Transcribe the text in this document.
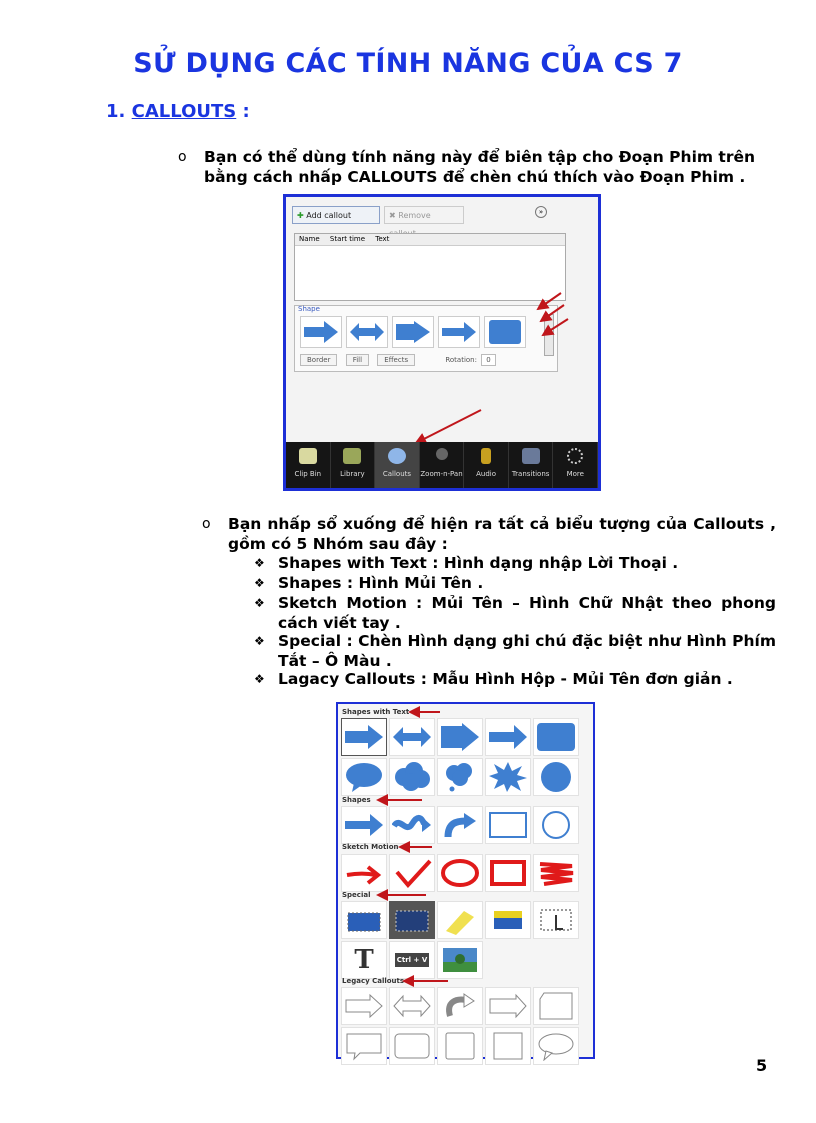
SỬ DỤNG CÁC TÍNH NĂNG CỦA CS 7
1. CALLOUTS :
o Bạn có thể dùng tính năng này để biên tập cho Đoạn Phim trên bằng cách nhấp CALLOUTS để chèn chú thích vào Đoạn Phim .
✚ Add callout	✖ Remove	»
Name Start time Text
Shape
Border	Fill	Effects	Rotation: 0
Clip Bin	Library	Callouts	Zoom-n-Pan	Audio	Transitions	More
o Bạn nhấp sổ xuống để hiện ra tất cả biểu tượng của Callouts , gồm có 5 Nhóm sau đây :
❖ Shapes with Text : Hình dạng nhập Lời Thoại .
❖ Shapes : Hình Mủi Tên .
❖ Sketch Motion : Mủi Tên – Hình Chữ Nhật theo phong cách viết tay .
❖ Special : Chèn Hình dạng ghi chú đặc biệt như Hình Phím Tắt – Ô Màu .
❖ Lagacy Callouts : Mẫu Hình Hộp - Mủi Tên đơn giản .
Shapes with Text
Shapes
Sketch Motion
Special
T	Ctrl + V
Legacy Callouts
5
